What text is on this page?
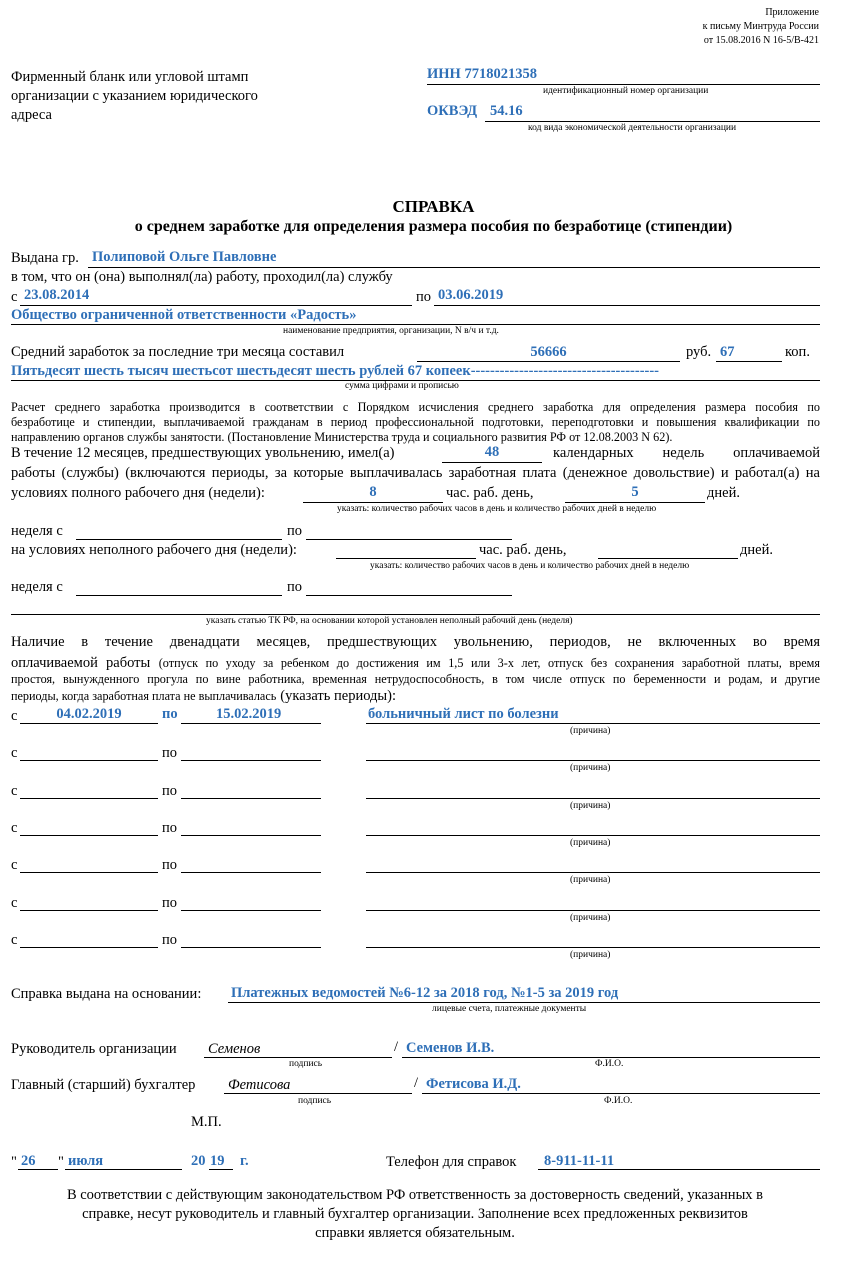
Приложение
к письму Минтруда России
от 15.08.2016 N 16-5/В-421
Фирменный бланк или угловой штамп
организации с указанием юридического
адреса
ИНН 7718021358
идентификационный номер организации
ОКВЭД 54.16
код вида экономической деятельности организации
СПРАВКА
о среднем заработке для определения размера пособия по безработице (стипендии)
Выдана гр. Полиповой Ольге Павловне
в том, что он (она) выполнял(ла) работу, проходил(ла) службу
с 23.08.2014	по 03.06.2019
Общество ограниченной ответственности «Радость»
наименование предприятия, организации, N в/ч и т.д.
Средний заработок за последние три месяца составил	56666	руб. 67	коп.
Пятьдесят шесть тысяч шестьсот шестьдесят шесть рублей 67 копеек---------------------------------------
сумма цифрами и прописью
Расчет среднего заработка производится в соответствии с Порядком исчисления среднего заработка для определения размера пособия по
безработице и стипендии, выплачиваемой гражданам в период профессиональной подготовки, переподготовки и повышения квалификации по
направлению органов службы занятости. (Постановление Министерства труда и социального развития РФ от 12.08.2003 N 62).
В течение 12 месяцев, предшествующих увольнению, имел(а)	48	календарных недель оплачиваемой
работы (службы) (включаются периоды, за которые выплачивалась заработная плата (денежное довольствие) и работал(а) на
условиях полного рабочего дня (недели):	8	час. раб. день,	5	дней.
указать: количество рабочих часов в день и количество рабочих дней в неделю
неделя с	по
на условиях неполного рабочего дня (недели):	час. раб. день,	дней.
указать: количество рабочих часов в день и количество рабочих дней в неделю
неделя с	по
указать статью ТК РФ, на основании которой установлен неполный рабочий день (неделя)
Наличие в течение двенадцати месяцев, предшествующих увольнению, периодов, не включенных во время
оплачиваемой работы (отпуск по уходу за ребенком до достижения им 1,5 или 3-х лет, отпуск без сохранения заработной платы, время
простоя, вынужденного прогула по вине работника, временная нетрудоспособность, в том числе отпуск по беременности и родам, и другие
периоды, когда заработная плата не выплачивалась (указать периоды):
с	04.02.2019	по	15.02.2019	больничный лист по болезни
(причина)
с	по
(причина)
с	по
(причина)
с	по
(причина)
с	по
(причина)
с	по
(причина)
с	по
(причина)
Справка выдана на основании: Платежных ведомостей №6-12 за 2018 год, №1-5 за 2019 год
лицевые счета, платежные документы
Руководитель организации Семенов	/ Семенов И.В.
подпись	Ф.И.О.
Главный (старший) бухгалтер Фетисова	/ Фетисова И.Д.
подпись	Ф.И.О.
М.П.
" 26 " июля	20 19 г.	Телефон для справок 8-911-11-11
В соответствии с действующим законодательством РФ ответственность за достоверность сведений, указанных в
справке, несут руководитель и главный бухгалтер организации. Заполнение всех предложенных реквизитов
справки является обязательным.
